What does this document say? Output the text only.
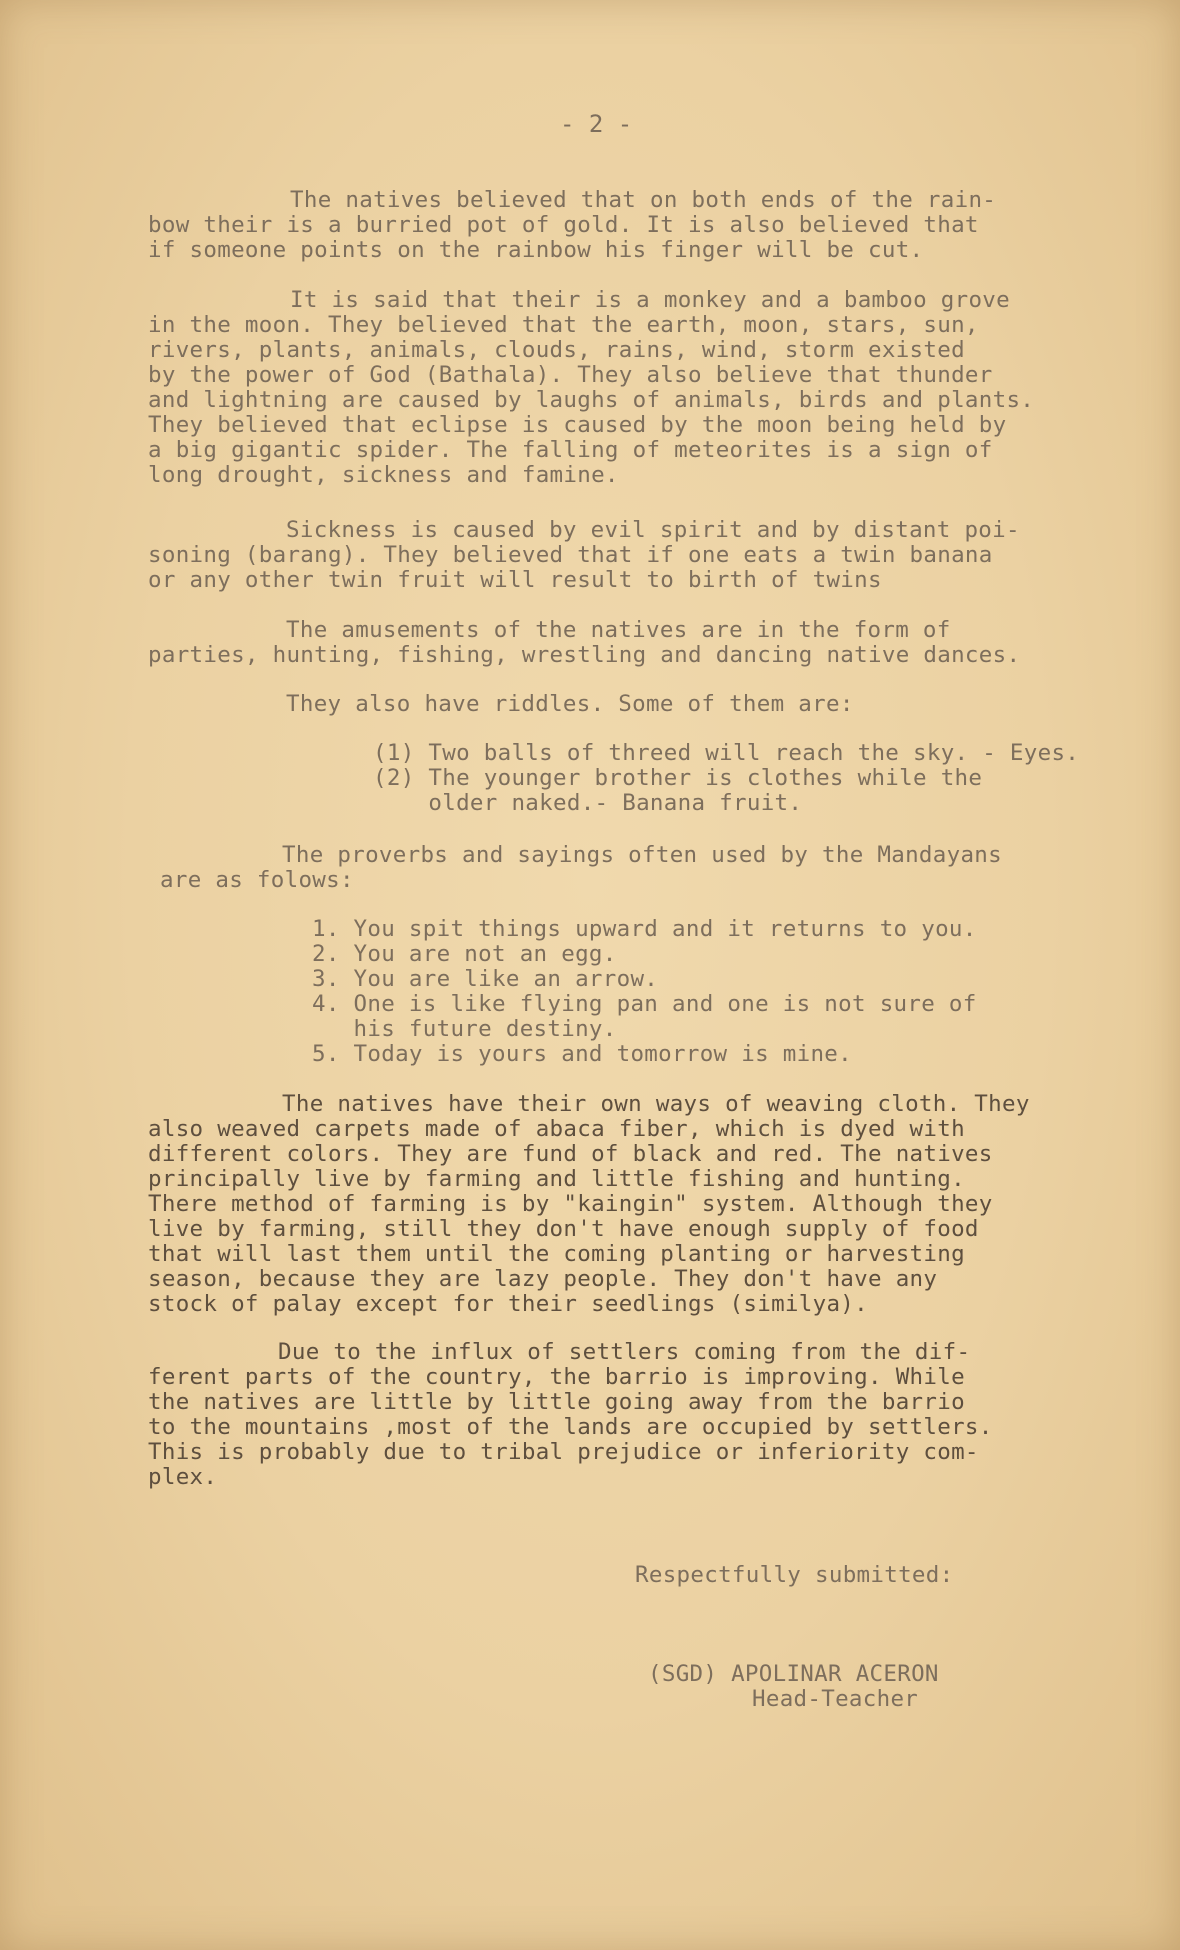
- 2 -
The natives believed that on both ends of the rain-
bow their is a burried pot of gold. It is also believed that
if someone points on the rainbow his finger will be cut.
It is said that their is a monkey and a bamboo grove
in the moon. They believed that the earth, moon, stars, sun,
rivers, plants, animals, clouds, rains, wind, storm existed
by the power of God (Bathala). They also believe that thunder
and lightning are caused by laughs of animals, birds and plants.
They believed that eclipse is caused by the moon being held by
a big gigantic spider. The falling of meteorites is a sign of
long drought, sickness and famine.
Sickness is caused by evil spirit and by distant poi-
soning (barang). They believed that if one eats a twin banana
or any other twin fruit will result to birth of twins
The amusements of the natives are in the form of
parties, hunting, fishing, wrestling and dancing native dances.
They also have riddles. Some of them are:
(1) Two balls of threed will reach the sky. - Eyes.
(2) The younger brother is clothes while the
older naked.- Banana fruit.
The proverbs and sayings often used by the Mandayans
are as folows:
1. You spit things upward and it returns to you.
2. You are not an egg.
3. You are like an arrow.
4. One is like flying pan and one is not sure of
his future destiny.
5. Today is yours and tomorrow is mine.
The natives have their own ways of weaving cloth. They
also weaved carpets made of abaca fiber, which is dyed with
different colors. They are fund of black and red. The natives
principally live by farming and little fishing and hunting.
There method of farming is by "kaingin" system. Although they
live by farming, still they don't have enough supply of food
that will last them until the coming planting or harvesting
season, because they are lazy people. They don't have any
stock of palay except for their seedlings (similya).
Due to the influx of settlers coming from the dif-
ferent parts of the country, the barrio is improving. While
the natives are little by little going away from the barrio
to the mountains ,most of the lands are occupied by settlers.
This is probably due to tribal prejudice or inferiority com-
plex.
Respectfully submitted:
(SGD) APOLINAR ACERON
Head-Teacher
